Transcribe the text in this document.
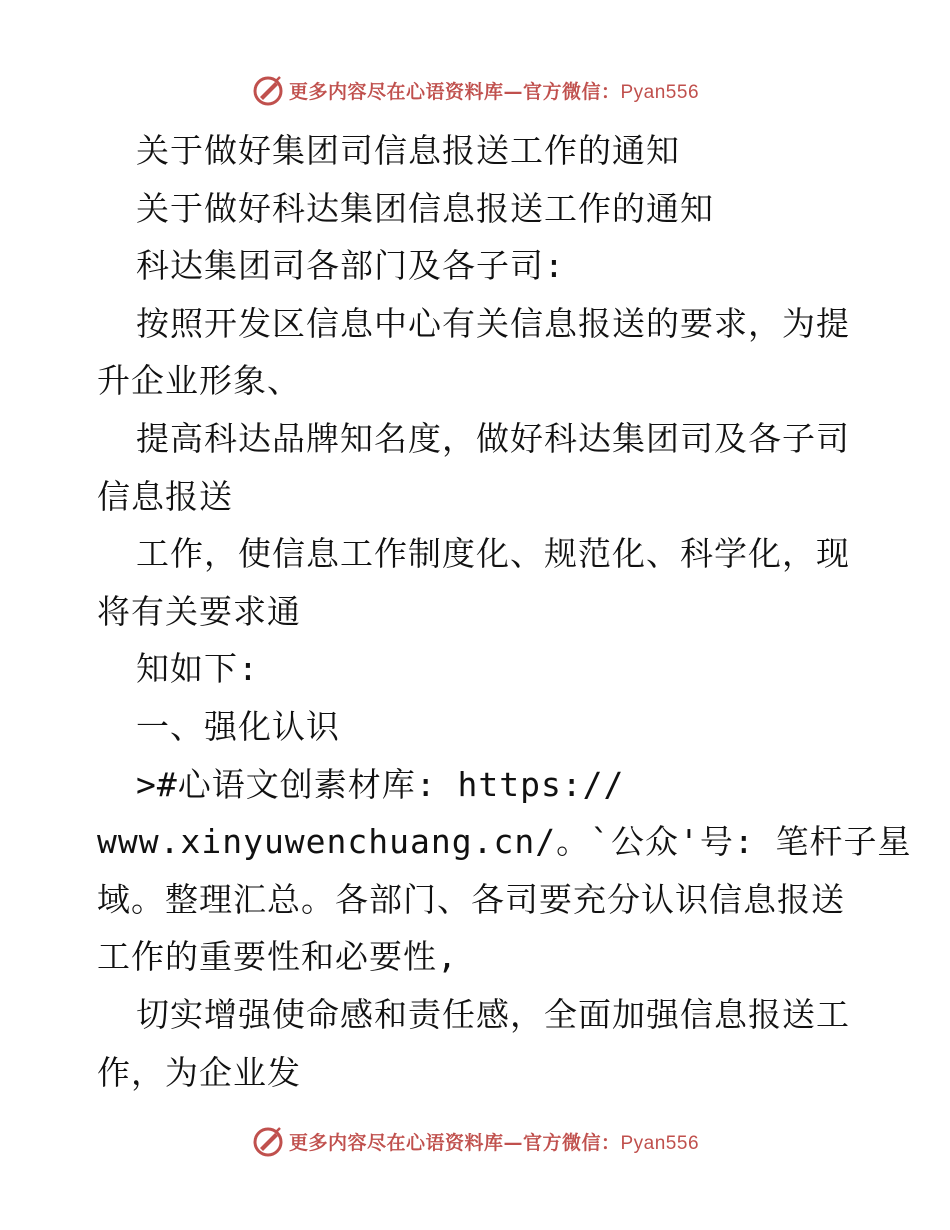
更多内容尽在心语资料库—官方微信：Pyan556
关于做好集团司信息报送工作的通知
关于做好科达集团信息报送工作的通知
科达集团司各部门及各子司:
按照开发区信息中心有关信息报送的要求，为提
升企业形象、
提高科达品牌知名度，做好科达集团司及各子司
信息报送
工作，使信息工作制度化、规范化、科学化，现
将有关要求通
知如下:
一、强化认识
>#心语文创素材库: https://
www.xinyuwenchuang.cn/。`公众'号: 笔杆子星
域。整理汇总。各部门、各司要充分认识信息报送
工作的重要性和必要性,
切实增强使命感和责任感，全面加强信息报送工
作，为企业发
更多内容尽在心语资料库—官方微信：Pyan556
